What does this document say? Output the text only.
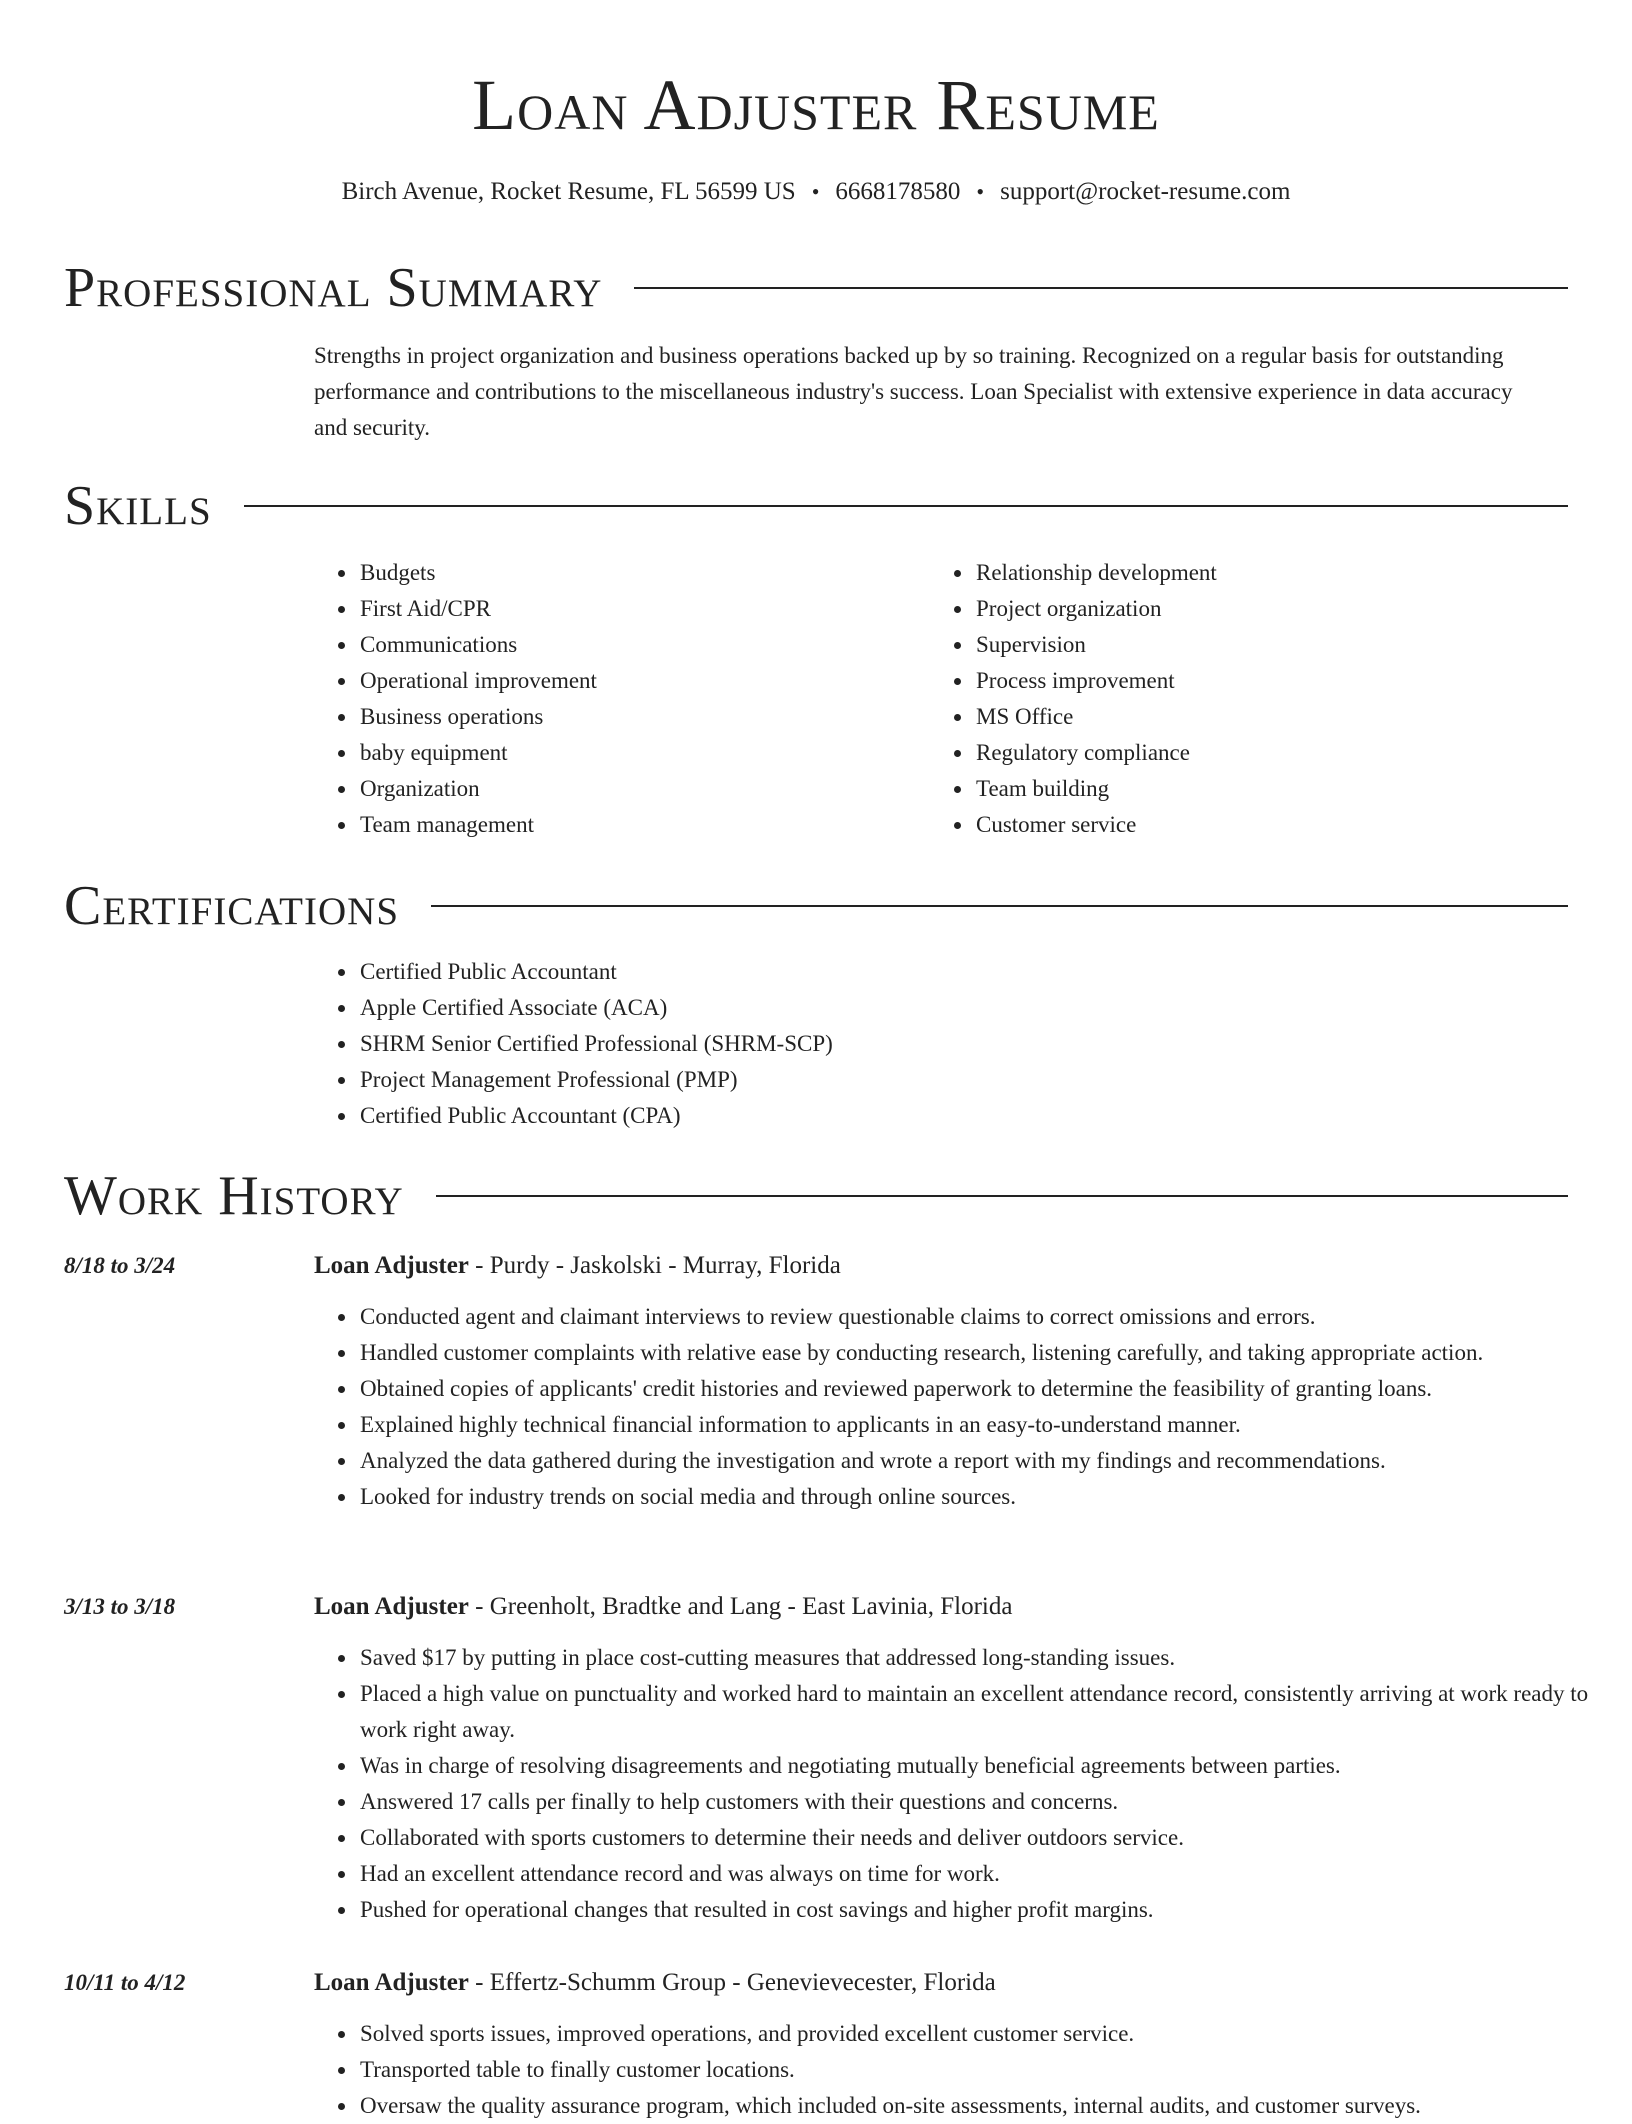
Loan Adjuster Resume
Birch Avenue, Rocket Resume, FL 56599 US • 6668178580 • support@rocket-resume.com
Professional Summary

Strengths in project organization and business operations backed up by so training. Recognized on a regular basis for outstanding performance and contributions to the miscellaneous industry's success. Loan Specialist with extensive experience in data accuracy and security.

Skills
• Budgets
• First Aid/CPR
• Communications
• Operational improvement
• Business operations
• baby equipment
• Organization
• Team management
• Relationship development
• Project organization
• Supervision
• Process improvement
• MS Office
• Regulatory compliance
• Team building
• Customer service
Certifications
• Certified Public Accountant
• Apple Certified Associate (ACA)
• SHRM Senior Certified Professional (SHRM-SCP)
• Project Management Professional (PMP)
• Certified Public Accountant (CPA)
Work History
8/18 to 3/24	Loan Adjuster - Purdy - Jaskolski - Murray, Florida
• Conducted agent and claimant interviews to review questionable claims to correct omissions and errors.
• Handled customer complaints with relative ease by conducting research, listening carefully, and taking appropriate action.
• Obtained copies of applicants' credit histories and reviewed paperwork to determine the feasibility of granting loans.
• Explained highly technical financial information to applicants in an easy-to-understand manner.
• Analyzed the data gathered during the investigation and wrote a report with my findings and recommendations.
• Looked for industry trends on social media and through online sources.
3/13 to 3/18	Loan Adjuster - Greenholt, Bradtke and Lang - East Lavinia, Florida
• Saved $17 by putting in place cost-cutting measures that addressed long-standing issues.
• Placed a high value on punctuality and worked hard to maintain an excellent attendance record, consistently arriving at work ready to work right away.
• Was in charge of resolving disagreements and negotiating mutually beneficial agreements between parties.
• Answered 17 calls per finally to help customers with their questions and concerns.
• Collaborated with sports customers to determine their needs and deliver outdoors service.
• Had an excellent attendance record and was always on time for work.
• Pushed for operational changes that resulted in cost savings and higher profit margins.
10/11 to 4/12	Loan Adjuster - Effertz-Schumm Group - Genevievecester, Florida
• Solved sports issues, improved operations, and provided excellent customer service.
• Transported table to finally customer locations.
• Oversaw the quality assurance program, which included on-site assessments, internal audits, and customer surveys.
